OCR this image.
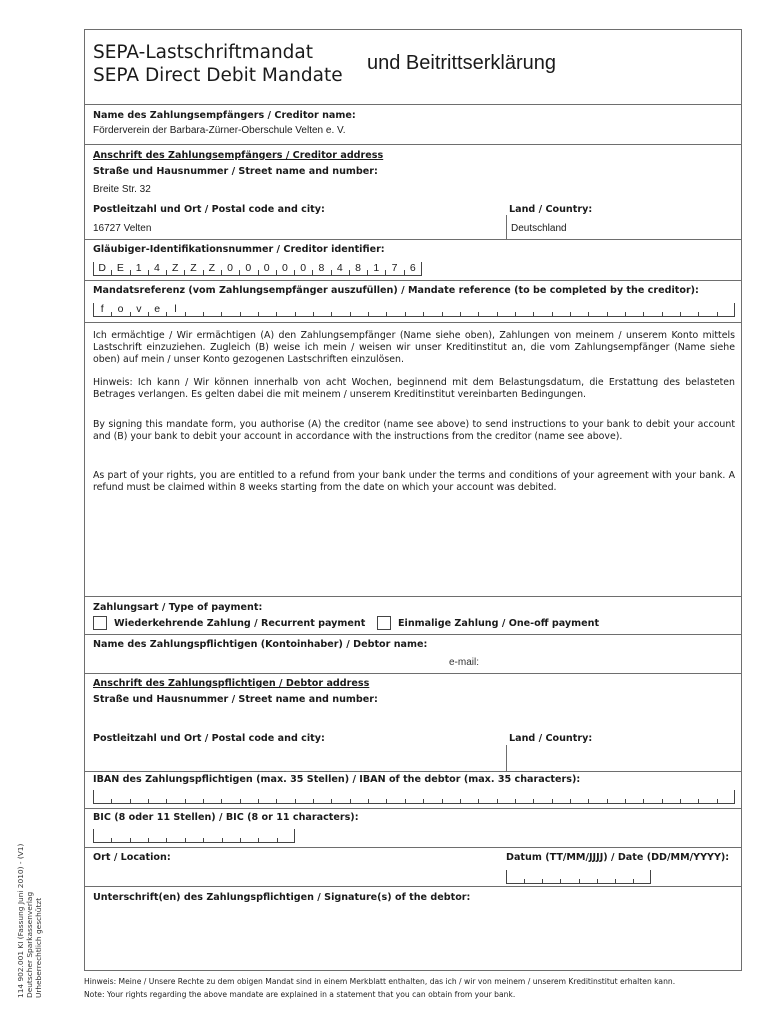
SEPA-Lastschriftmandat
SEPA Direct Debit Mandate
und Beitrittserklärung
Name des Zahlungsempfängers / Creditor name:
Förderverein der Barbara-Zürner-Oberschule Velten e. V.
Anschrift des Zahlungsempfängers / Creditor address
Straße und Hausnummer / Street name and number:
Breite Str. 32
Postleitzahl und Ort / Postal code and city:
16727 Velten
Land / Country:
Deutschland
Gläubiger-Identifikationsnummer / Creditor identifier:
D	E	1	4	Z	Z	Z	0	0	0	0	0	8	4	8	1	7	6
Mandatsreferenz (vom Zahlungsempfänger auszufüllen) / Mandate reference (to be completed by the creditor):
f	o	v	e	l
Ich ermächtige / Wir ermächtigen (A) den Zahlungsempfänger (Name siehe oben), Zahlungen von meinem / unserem Konto mittels Lastschrift einzuziehen. Zugleich (B) weise ich mein / weisen wir unser Kreditinstitut an, die vom Zahlungsempfänger (Name siehe oben) auf mein / unser Konto gezogenen Lastschriften einzulösen.
Hinweis: Ich kann / Wir können innerhalb von acht Wochen, beginnend mit dem Belastungsdatum, die Erstattung des belasteten Betrages verlangen. Es gelten dabei die mit meinem / unserem Kreditinstitut vereinbarten Bedingungen.
By signing this mandate form, you authorise (A) the creditor (name see above) to send instructions to your bank to debit your account and (B) your bank to debit your account in accordance with the instructions from the creditor (name see above).
As part of your rights, you are entitled to a refund from your bank under the terms and conditions of your agreement with your bank. A refund must be claimed within 8 weeks starting from the date on which your account was debited.
Zahlungsart / Type of payment:
Wiederkehrende Zahlung / Recurrent payment	Einmalige Zahlung / One-off payment
Name des Zahlungspflichtigen (Kontoinhaber) / Debtor name:
e-mail:
Anschrift des Zahlungspflichtigen / Debtor address
Straße und Hausnummer / Street name and number:
Postleitzahl und Ort / Postal code and city:	Land / Country:
IBAN des Zahlungspflichtigen (max. 35 Stellen) / IBAN of the debtor (max. 35 characters):
BIC (8 oder 11 Stellen) / BIC (8 or 11 characters):
Ort / Location:	Datum (TT/MM/JJJJ) / Date (DD/MM/YYYY):
Unterschrift(en) des Zahlungspflichtigen / Signature(s) of the debtor:
114 902.001 KI (Fassung Juni 2010) - (V1) Deutscher Sparkassenverlag Urheberrechtlich geschützt	Hinweis: Meine / Unsere Rechte zu dem obigen Mandat sind in einem Merkblatt enthalten, das ich / wir von meinem / unserem Kreditinstitut erhalten kann.
Note: Your rights regarding the above mandate are explained in a statement that you can obtain from your bank.
